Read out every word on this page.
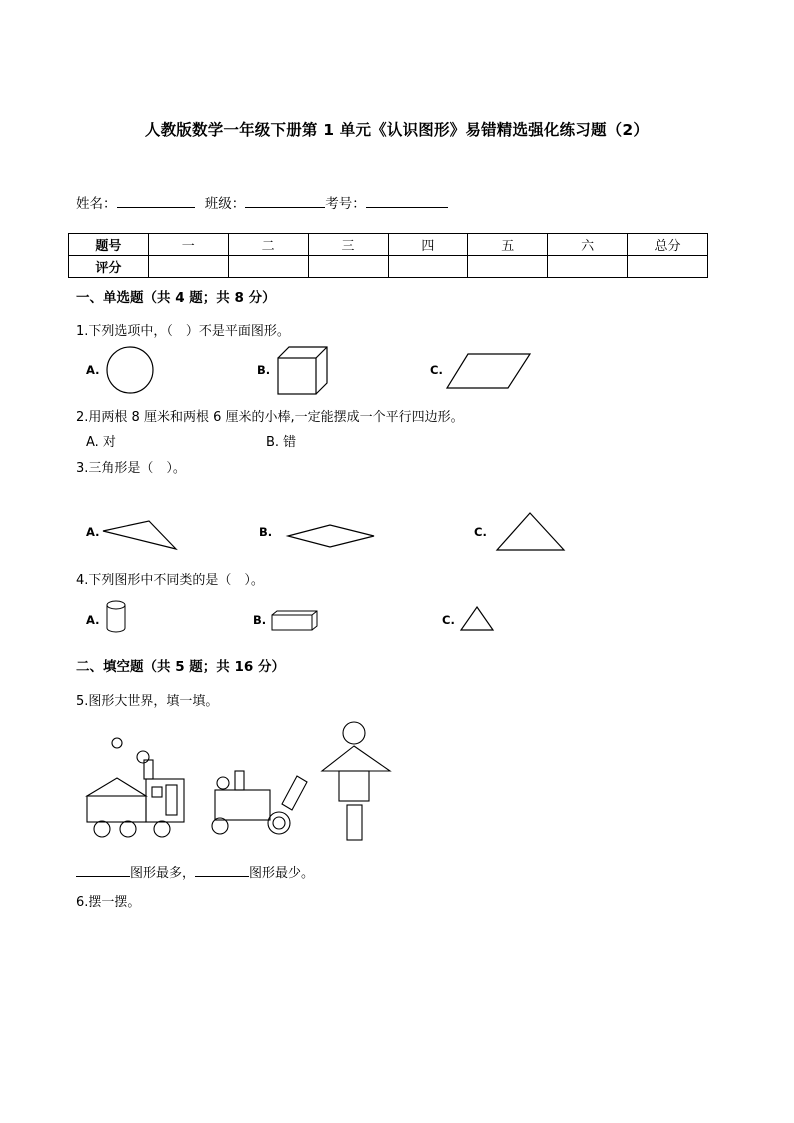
人教版数学一年级下册第 1 单元《认识图形》易错精选强化练习题（2）
姓名：	班级：	考号：
题号	一	二	三	四	五	六	总分
评分							
一、单选题（共 4 题；共 8 分）
1.下列选项中，（　）不是平面图形。
A.	B.	C.
2.用两根 8 厘米和两根 6 厘米的小棒,一定能摆成一个平行四边形。
A. 对	B. 错
3.三角形是（　）。
A.	B.	C.
4.下列图形中不同类的是（　）。
A.	B.	C.
二、填空题（共 5 题；共 16 分）
5.图形大世界，填一填。
图形最多，	图形最少。
6.摆一摆。
